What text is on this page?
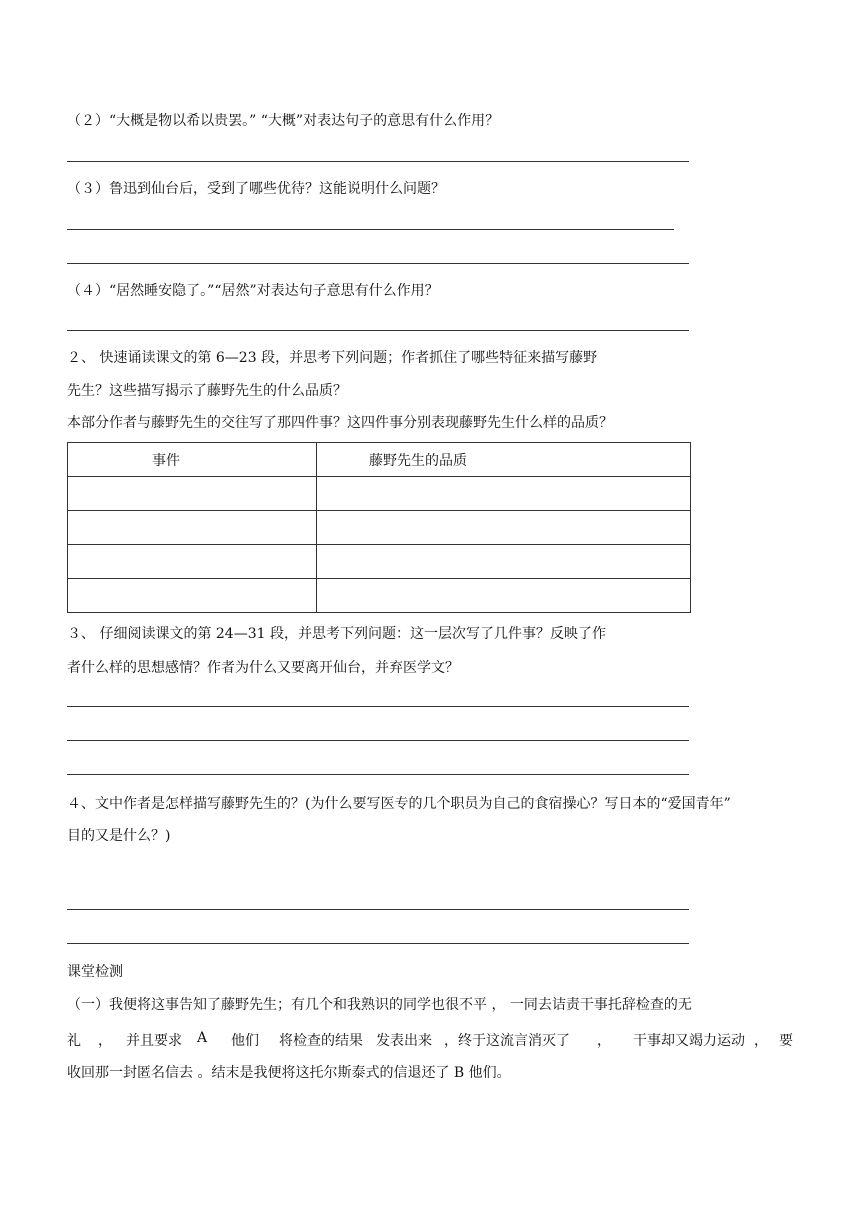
（２）“大概是物以希以贵罢。” “大概”对表达句子的意思有什么作用？
（３）鲁迅到仙台后，受到了哪些优待？这能说明什么问题？
（４）“居然睡安隐了。”“居然”对表达句子意思有什么作用？
２、 快速诵读课文的第 6—23 段，并思考下列问题；作者抓住了哪些特征来描写藤野
先生？这些描写揭示了藤野先生的什么品质？
本部分作者与藤野先生的交往写了那四件事？这四件事分别表现藤野先生什么样的品质？
事件	藤野先生的品质

３、 仔细阅读课文的第 24—31 段，并思考下列问题：这一层次写了几件事？反映了作
者什么样的思想感情？作者为什么又要离开仙台，并弃医学文？
４、文中作者是怎样描写藤野先生的？(为什么要写医专的几个职员为自己的食宿操心？写日本的“爱国青年”
目的又是什么？)
课堂检测
（一）我便将这事告知了藤野先生；有几个和我熟识的同学也很不平 ， 一同去诘责干事托辞检查的无
礼 ， 并且要求 A 他们 将检查的结果 发表出来 ，终于这流言消灭了 ， 干事却又竭力运动 ， 要
收回那一封匿名信去 。结末是我便将这托尔斯泰式的信退还了 B 他们。
